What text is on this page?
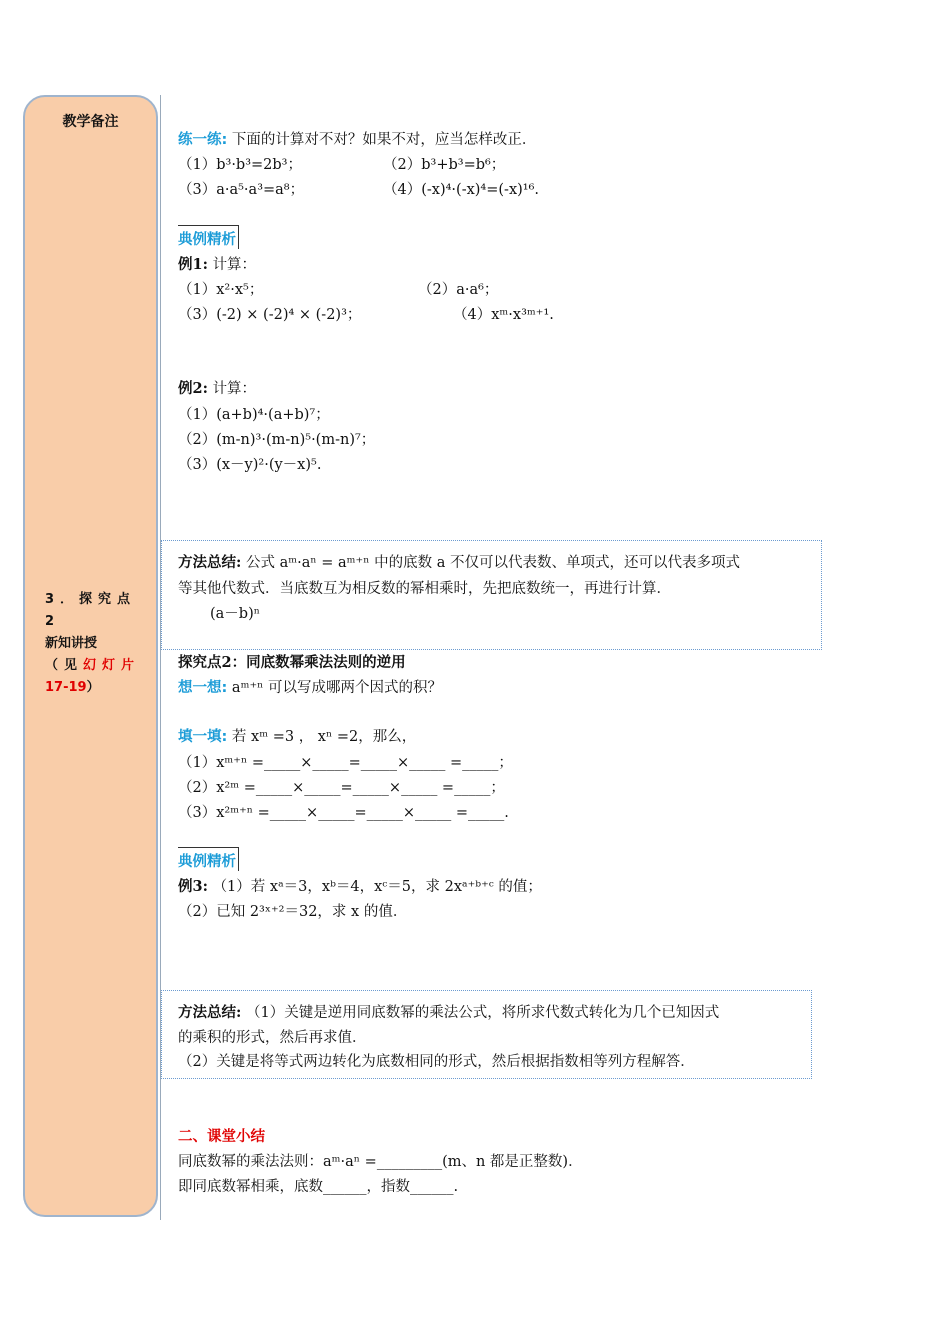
教学备注
3．探究点2
新知讲授
（见幻灯片
17-19）
练一练: 下面的计算对不对？如果不对，应当怎样改正．
（1）b³·b³=2b³；	（2）b³+b³=b⁶；
（3）a·a⁵·a³=a⁸；	（4）(-x)⁴·(-x)⁴=(-x)¹⁶.
典例精析
例1: 计算：
（1）x²·x⁵；	（2）a·a⁶；
（3）(-2) × (-2)⁴ × (-2)³；	（4）xᵐ·x³ᵐ⁺¹.
例2: 计算：
（1）(a+b)⁴·(a+b)⁷；
（2）(m-n)³·(m-n)⁵·(m-n)⁷；
（3）(x－y)²·(y－x)⁵.
方法总结: 公式 aᵐ·aⁿ = aᵐ⁺ⁿ 中的底数 a 不仅可以代表数、单项式，还可以代表多项式
等其他代数式．当底数互为相反数的幂相乘时，先把底数统一，再进行计算．
(a－b)ⁿ
探究点2：同底数幂乘法法则的逆用
想一想: aᵐ⁺ⁿ 可以写成哪两个因式的积？
填一填: 若 xᵐ =3 ， xⁿ =2，那么，
（1）xᵐ⁺ⁿ =_____×_____=_____×_____ =_____；
（2）x²ᵐ =_____×_____=_____×_____ =_____；
（3）x²ᵐ⁺ⁿ =_____×_____=_____×_____ =_____.
典例精析
例3: （1）若 xᵃ＝3，xᵇ＝4，xᶜ＝5，求 2xᵃ⁺ᵇ⁺ᶜ 的值；
（2）已知 2³ˣ⁺²＝32，求 x 的值．
方法总结: （1）关键是逆用同底数幂的乘法公式，将所求代数式转化为几个已知因式
的乘积的形式，然后再求值．
（2）关键是将等式两边转化为底数相同的形式，然后根据指数相等列方程解答．
二、课堂小结
同底数幂的乘法法则：aᵐ·aⁿ =_________(m、n 都是正整数)．
即同底数幂相乘，底数______，指数______.
